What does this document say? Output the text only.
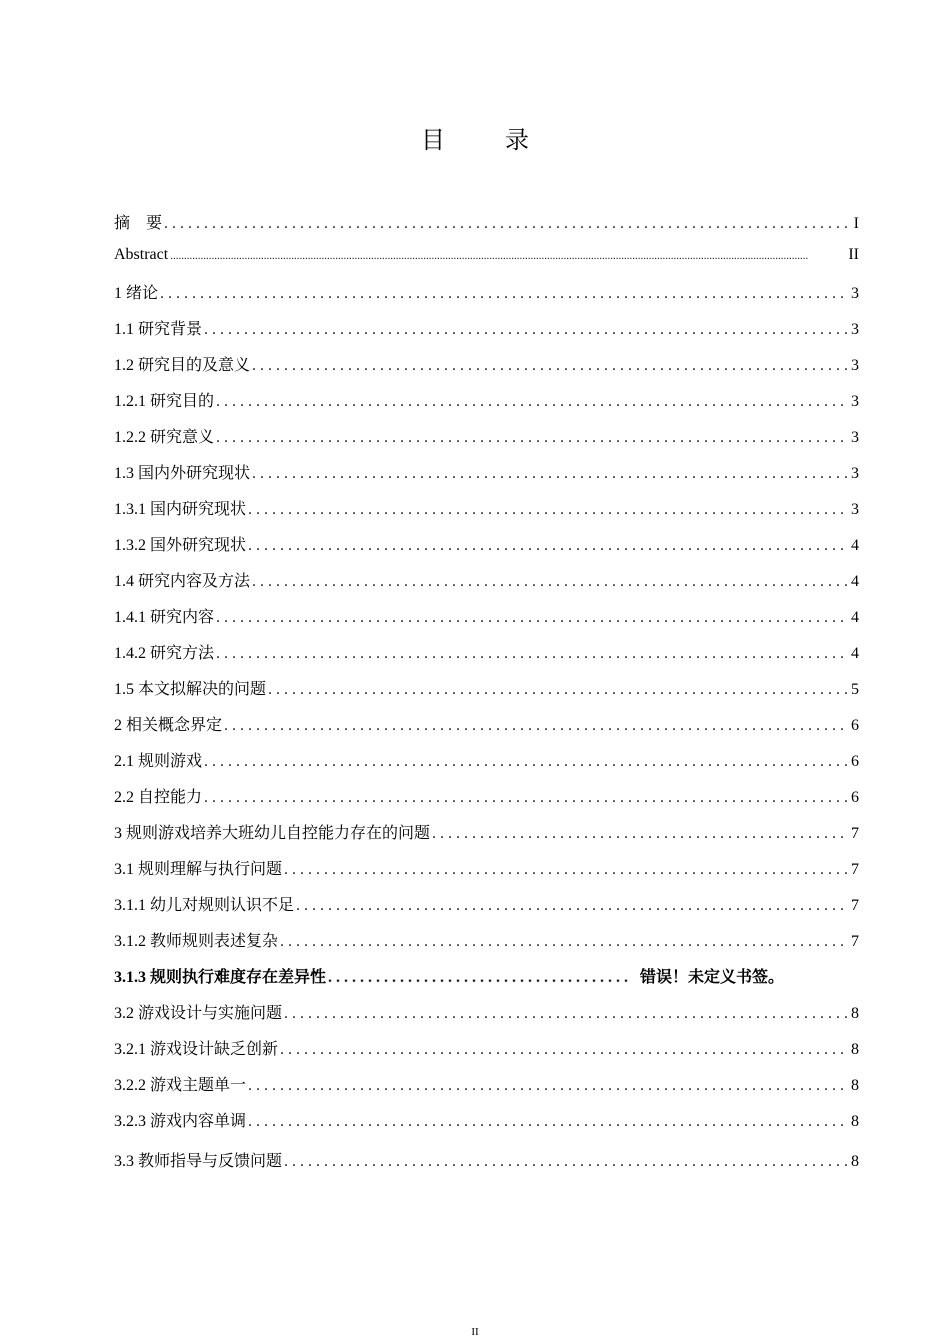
目　录
摘　要 . . .	I
Abstract .....	II
1 绪论 . . .	3
1.1 研究背景 . . .	3
1.2 研究目的及意义 . . .	3
1.2.1 研究目的 . . .	3
1.2.2 研究意义 . . .	3
1.3 国内外研究现状 . . .	3
1.3.1 国内研究现状 . . .	3
1.3.2 国外研究现状 . . .	4
1.4 研究内容及方法 . . .	4
1.4.1 研究内容 . . .	4
1.4.2 研究方法 . . .	4
1.5 本文拟解决的问题 . . .	5
2 相关概念界定 . . .	6
2.1 规则游戏 . . .	6
2.2 自控能力 . . .	6
3 规则游戏培养大班幼儿自控能力存在的问题 . . .	7
3.1 规则理解与执行问题 . . .	7
3.1.1 幼儿对规则认识不足 . . .	7
3.1.2 教师规则表述复杂 . . .	7
3.1.3 规则执行难度存在差异性 . . .	错误！未定义书签。
3.2 游戏设计与实施问题 . . .	8
3.2.1 游戏设计缺乏创新 . . .	8
3.2.2 游戏主题单一 . . .	8
3.2.3 游戏内容单调 . . .	8
3.3 教师指导与反馈问题 . . .	8
II
